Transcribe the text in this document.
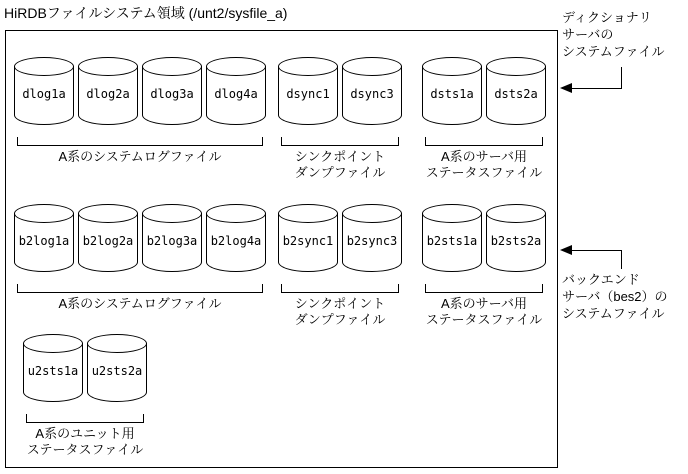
HiRDBファイルシステム領域 (/unt2/sysfile_a)
dlog1a dlog2a dlog3a dlog4a
A系のシステムログファイル
dsync1 dsync3
シンクポイント
ダンプファイル
dsts1a dsts2a
A系のサーバ用
ステータスファイル
b2log1a b2log2a b2log3a b2log4a
A系のシステムログファイル
b2sync1 b2sync3
シンクポイント
ダンプファイル
b2sts1a b2sts2a
A系のサーバ用
ステータスファイル
u2sts1a u2sts2a
A系のユニット用
ステータスファイル
ディクショナリ
サーバの
システムファイル
バックエンド
サーバ（bes2）の
システムファイル
